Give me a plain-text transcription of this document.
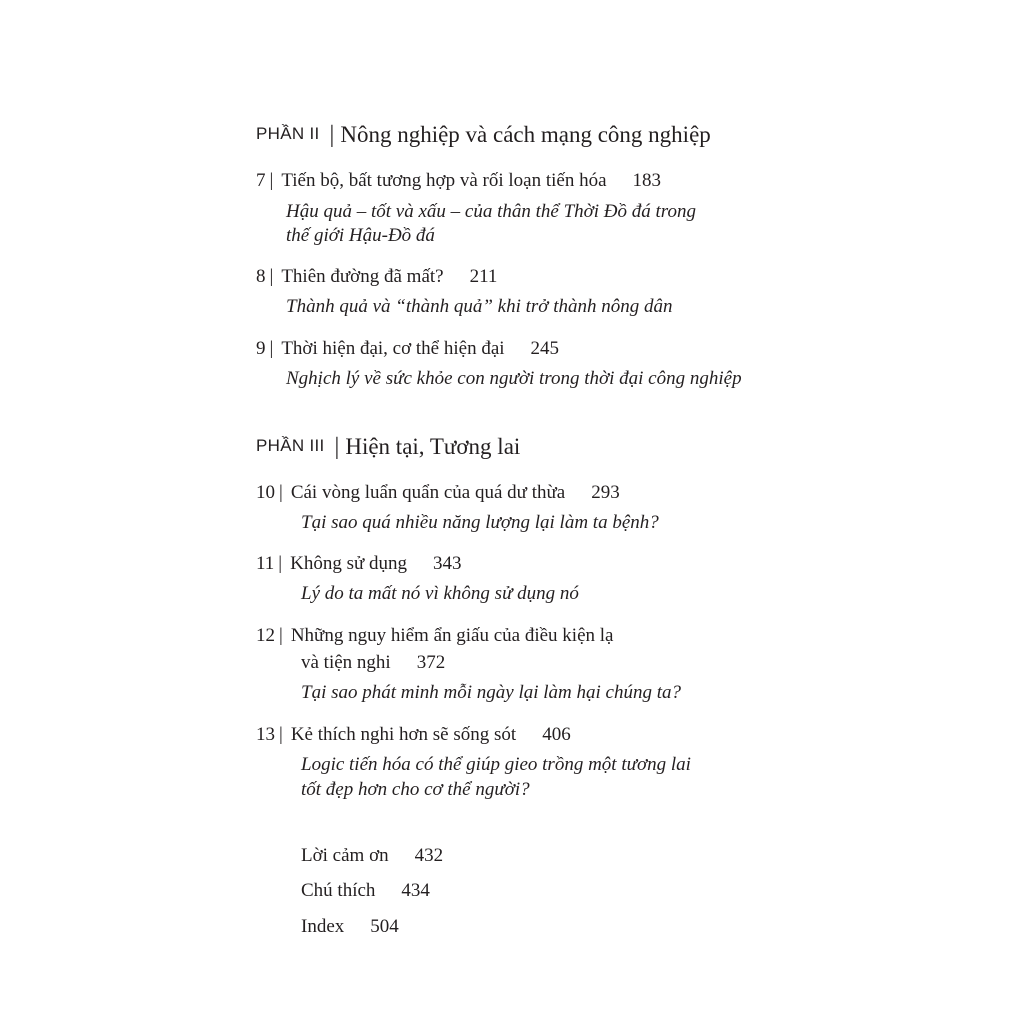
PHẦN II | Nông nghiệp và cách mạng công nghiệp
7 | Tiến bộ, bất tương hợp và rối loạn tiến hóa 183
Hậu quả – tốt và xấu – của thân thể Thời Đồ đá trong
thế giới Hậu-Đồ đá
8 | Thiên đường đã mất? 211
Thành quả và “thành quả” khi trở thành nông dân
9 | Thời hiện đại, cơ thể hiện đại 245
Nghịch lý về sức khỏe con người trong thời đại công nghiệp
PHẦN III | Hiện tại, Tương lai
10 | Cái vòng luẩn quẩn của quá dư thừa 293
Tại sao quá nhiều năng lượng lại làm ta bệnh?
11 | Không sử dụng 343
Lý do ta mất nó vì không sử dụng nó
12 | Những nguy hiểm ẩn giấu của điều kiện lạ
và tiện nghi 372
Tại sao phát minh mỗi ngày lại làm hại chúng ta?
13 | Kẻ thích nghi hơn sẽ sống sót 406
Logic tiến hóa có thể giúp gieo trồng một tương lai
tốt đẹp hơn cho cơ thể người?
Lời cảm ơn 432
Chú thích 434
Index 504
